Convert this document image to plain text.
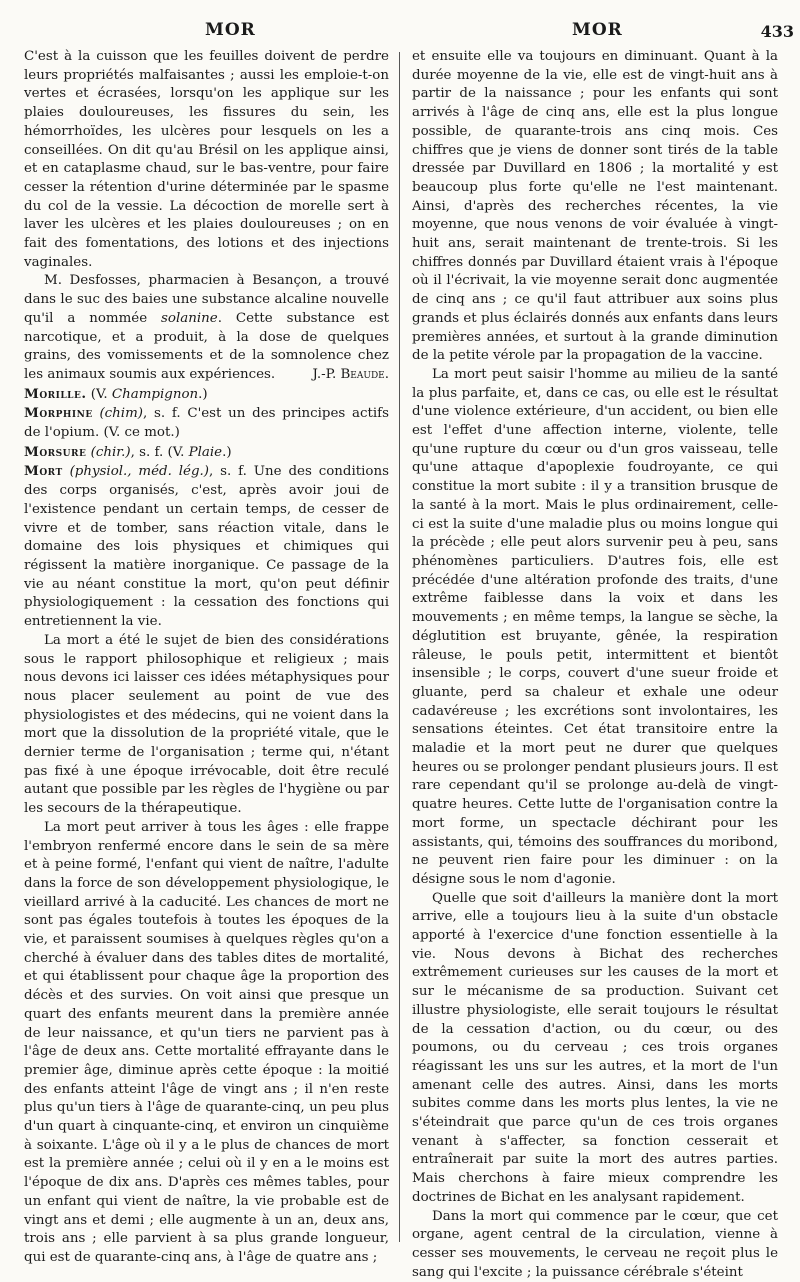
MOR	MOR	433

C'est à la cuisson que les feuilles doivent de perdre leurs propriétés malfaisantes ; aussi les emploie-t-on vertes et écrasées, lorsqu'on les applique sur les plaies douloureuses, les fissures du sein, les hémorrhoïdes, les ulcères pour lesquels on les a conseillées. On dit qu'au Brésil on les applique ainsi, et en cataplasme chaud, sur le bas-ventre, pour faire cesser la rétention d'urine déterminée par le spasme du col de la vessie. La décoction de morelle sert à laver les ulcères et les plaies douloureuses ; on en fait des fomentations, des lotions et des injections vaginales.

M. Desfosses, pharmacien à Besançon, a trouvé dans le suc des baies une substance alcaline nouvelle qu'il a nommée solanine. Cette substance est narcotique, et a produit, à la dose de quelques grains, des vomissements et de la somnolence chez les animaux soumis aux expériences.	J.-P. Beaude.

Morille. (V. Champignon.)

Morphine (chim), s. f. C'est un des principes actifs de l'opium. (V. ce mot.)

Morsure (chir.), s. f. (V. Plaie.)

Mort (physiol., méd. lég.), s. f. Une des conditions des corps organisés, c'est, après avoir joui de l'existence pendant un certain temps, de cesser de vivre et de tomber, sans réaction vitale, dans le domaine des lois physiques et chimiques qui régissent la matière inorganique. Ce passage de la vie au néant constitue la mort, qu'on peut définir physiologiquement : la cessation des fonctions qui entretiennent la vie.

La mort a été le sujet de bien des considérations sous le rapport philosophique et religieux ; mais nous devons ici laisser ces idées métaphysiques pour nous placer seulement au point de vue des physiologistes et des médecins, qui ne voient dans la mort que la dissolution de la propriété vitale, que le dernier terme de l'organisation ; terme qui, n'étant pas fixé à une époque irrévocable, doit être reculé autant que possible par les règles de l'hygiène ou par les secours de la thérapeutique.

La mort peut arriver à tous les âges : elle frappe l'embryon renfermé encore dans le sein de sa mère et à peine formé, l'enfant qui vient de naître, l'adulte dans la force de son développement physiologique, le vieillard arrivé à la caducité. Les chances de mort ne sont pas égales toutefois à toutes les époques de la vie, et paraissent soumises à quelques règles qu'on a cherché à évaluer dans des tables dites de mortalité, et qui établissent pour chaque âge la proportion des décès et des survies. On voit ainsi que presque un quart des enfants meurent dans la première année de leur naissance, et qu'un tiers ne parvient pas à l'âge de deux ans. Cette mortalité effrayante dans le premier âge, diminue après cette époque : la moitié des enfants atteint l'âge de vingt ans ; il n'en reste plus qu'un tiers à l'âge de quarante-cinq, un peu plus d'un quart à cinquante-cinq, et environ un cinquième à soixante. L'âge où il y a le plus de chances de mort est la première année ; celui où il y en a le moins est l'époque de dix ans. D'après ces mêmes tables, pour un enfant qui vient de naître, la vie probable est de vingt ans et demi ; elle augmente à un an, deux ans, trois ans ; elle parvient à sa plus grande longueur, qui est de quarante-cinq ans, à l'âge de quatre ans ;

et ensuite elle va toujours en diminuant. Quant à la durée moyenne de la vie, elle est de vingt-huit ans à partir de la naissance ; pour les enfants qui sont arrivés à l'âge de cinq ans, elle est la plus longue possible, de quarante-trois ans cinq mois. Ces chiffres que je viens de donner sont tirés de la table dressée par Duvillard en 1806 ; la mortalité y est beaucoup plus forte qu'elle ne l'est maintenant. Ainsi, d'après des recherches récentes, la vie moyenne, que nous venons de voir évaluée à vingt-huit ans, serait maintenant de trente-trois. Si les chiffres donnés par Duvillard étaient vrais à l'époque où il l'écrivait, la vie moyenne serait donc augmentée de cinq ans ; ce qu'il faut attribuer aux soins plus grands et plus éclairés donnés aux enfants dans leurs premières années, et surtout à la grande diminution de la petite vérole par la propagation de la vaccine.

La mort peut saisir l'homme au milieu de la santé la plus parfaite, et, dans ce cas, ou elle est le résultat d'une violence extérieure, d'un accident, ou bien elle est l'effet d'une affection interne, violente, telle qu'une rupture du cœur ou d'un gros vaisseau, telle qu'une attaque d'apoplexie foudroyante, ce qui constitue la mort subite : il y a transition brusque de la santé à la mort. Mais le plus ordinairement, celle-ci est la suite d'une maladie plus ou moins longue qui la précède ; elle peut alors survenir peu à peu, sans phénomènes particuliers. D'autres fois, elle est précédée d'une altération profonde des traits, d'une extrême faiblesse dans la voix et dans les mouvements ; en même temps, la langue se sèche, la déglutition est bruyante, gênée, la respiration râleuse, le pouls petit, intermittent et bientôt insensible ; le corps, couvert d'une sueur froide et gluante, perd sa chaleur et exhale une odeur cadavéreuse ; les excrétions sont involontaires, les sensations éteintes. Cet état transitoire entre la maladie et la mort peut ne durer que quelques heures ou se prolonger pendant plusieurs jours. Il est rare cependant qu'il se prolonge au-delà de vingt-quatre heures. Cette lutte de l'organisation contre la mort forme, un spectacle déchirant pour les assistants, qui, témoins des souffrances du moribond, ne peuvent rien faire pour les diminuer : on la désigne sous le nom d'agonie.

Quelle que soit d'ailleurs la manière dont la mort arrive, elle a toujours lieu à la suite d'un obstacle apporté à l'exercice d'une fonction essentielle à la vie. Nous devons à Bichat des recherches extrêmement curieuses sur les causes de la mort et sur le mécanisme de sa production. Suivant cet illustre physiologiste, elle serait toujours le résultat de la cessation d'action, ou du cœur, ou des poumons, ou du cerveau ; ces trois organes réagissant les uns sur les autres, et la mort de l'un amenant celle des autres. Ainsi, dans les morts subites comme dans les morts plus lentes, la vie ne s'éteindrait que parce qu'un de ces trois organes venant à s'affecter, sa fonction cesserait et entraînerait par suite la mort des autres parties. Mais cherchons à faire mieux comprendre les doctrines de Bichat en les analysant rapidement.

Dans la mort qui commence par le cœur, que cet organe, agent central de la circulation, vienne à cesser ses mouvements, le cerveau ne reçoit plus le sang qui l'excite ; la puissance cérébrale s'éteint
